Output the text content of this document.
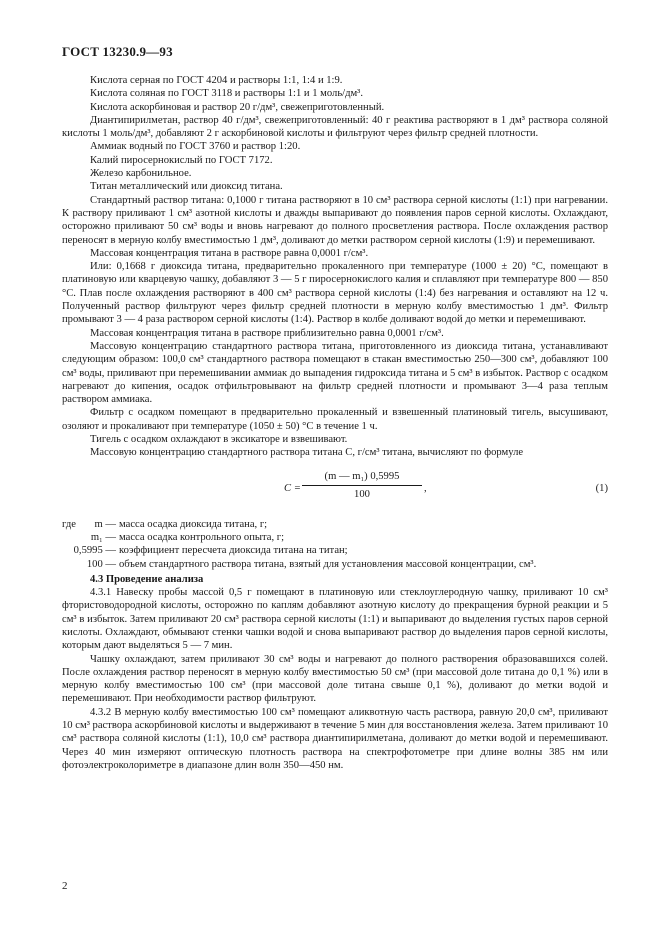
ГОСТ 13230.9—93

Кислота серная по ГОСТ 4204 и растворы 1:1, 1:4 и 1:9.

Кислота соляная по ГОСТ 3118 и растворы 1:1 и 1 моль/дм³.

Кислота аскорбиновая и раствор 20 г/дм³, свежеприготовленный.

Диантипирилметан, раствор 40 г/дм³, свежеприготовленный: 40 г реактива растворяют в 1 дм³ раствора соляной кислоты 1 моль/дм³, добавляют 2 г аскорбиновой кислоты и фильтруют через фильтр средней плотности.

Аммиак водный по ГОСТ 3760 и раствор 1:20.

Калий пиросернокислый по ГОСТ 7172.

Железо карбонильное.

Титан металлический или диоксид титана.

Стандартный раствор титана: 0,1000 г титана растворяют в 10 см³ раствора серной кислоты (1:1) при нагревании. К раствору приливают 1 см³ азотной кислоты и дважды выпаривают до появления паров серной кислоты. Охлаждают, осторожно приливают 50 см³ воды и вновь нагревают до полного просветления раствора. После охлаждения раствор переносят в мерную колбу вместимостью 1 дм³, доливают до метки раствором серной кислоты (1:9) и перемешивают.

Массовая концентрация титана в растворе равна 0,0001 г/см³.

Или: 0,1668 г диоксида титана, предварительно прокаленного при температуре (1000 ± 20) °С, помещают в платиновую или кварцевую чашку, добавляют 3 — 5 г пиросернокислого калия и сплавляют при температуре 800 — 850 °С. Плав после охлаждения растворяют в 400 см³ раствора серной кислоты (1:4) без нагревания и оставляют на 12 ч. Полученный раствор фильтруют через фильтр средней плотности в мерную колбу вместимостью 1 дм³. Фильтр промывают 3 — 4 раза раствором серной кислоты (1:4). Раствор в колбе доливают водой до метки и перемешивают.

Массовая концентрация титана в растворе приблизительно равна 0,0001 г/см³.

Массовую концентрацию стандартного раствора титана, приготовленного из диоксида титана, устанавливают следующим образом: 100,0 см³ стандартного раствора помещают в стакан вместимостью 250—300 см³, добавляют 100 см³ воды, приливают при перемешивании аммиак до выпадения гидроксида титана и 5 см³ в избыток. Раствор с осадком нагревают до кипения, осадок отфильтровывают на фильтр средней плотности и промывают 3—4 раза теплым раствором аммиака.

Фильтр с осадком помещают в предварительно прокаленный и взвешенный платиновый тигель, высушивают, озоляют и прокаливают при температуре (1050 ± 50) °С в течение 1 ч.

Тигель с осадком охлаждают в эксикаторе и взвешивают.

Массовую концентрацию стандартного раствора титана C, г/см³ титана, вычисляют по формуле

$C = \frac{\text{(m — m₁) 0,5995}}{100}$ ,	(1)
где	m — масса осадка диоксида титана, г;
m₁ — масса осадка контрольного опыта, г;
0,5995 — коэффициент пересчета диоксида титана на титан;
100 — объем стандартного раствора титана, взятый для установления массовой концентрации, см³.

4.3 Проведение анализа

4.3.1 Навеску пробы массой 0,5 г помещают в платиновую или стеклоуглеродную чашку, приливают 10 см³ фтористоводородной кислоты, осторожно по каплям добавляют азотную кислоту до прекращения бурной реакции и 5 см³ в избыток. Затем приливают 20 см³ раствора серной кислоты (1:1) и выпаривают до выделения густых паров серной кислоты. Охлаждают, обмывают стенки чашки водой и снова выпаривают раствор до выделения паров серной кислоты, которым дают выделяться 5 — 7 мин.

Чашку охлаждают, затем приливают 30 см³ воды и нагревают до полного растворения образовавшихся солей. После охлаждения раствор переносят в мерную колбу вместимостью 50 см³ (при массовой доле титана до 0,1 %) или в мерную колбу вместимостью 100 см³ (при массовой доле титана свыше 0,1 %), доливают до метки водой и перемешивают. При необходимости раствор фильтруют.

4.3.2 В мерную колбу вместимостью 100 см³ помещают аликвотную часть раствора, равную 20,0 см³, приливают 10 см³ раствора аскорбиновой кислоты и выдерживают в течение 5 мин для восстановления железа. Затем приливают 10 см³ раствора соляной кислоты (1:1), 10,0 см³ раствора диантипирилметана, доливают до метки водой и перемешивают. Через 40 мин измеряют оптическую плотность раствора на спектрофотометре при длине волны 385 нм или фотоэлектроколориметре в диапазоне длин волн 350—450 нм.

2
